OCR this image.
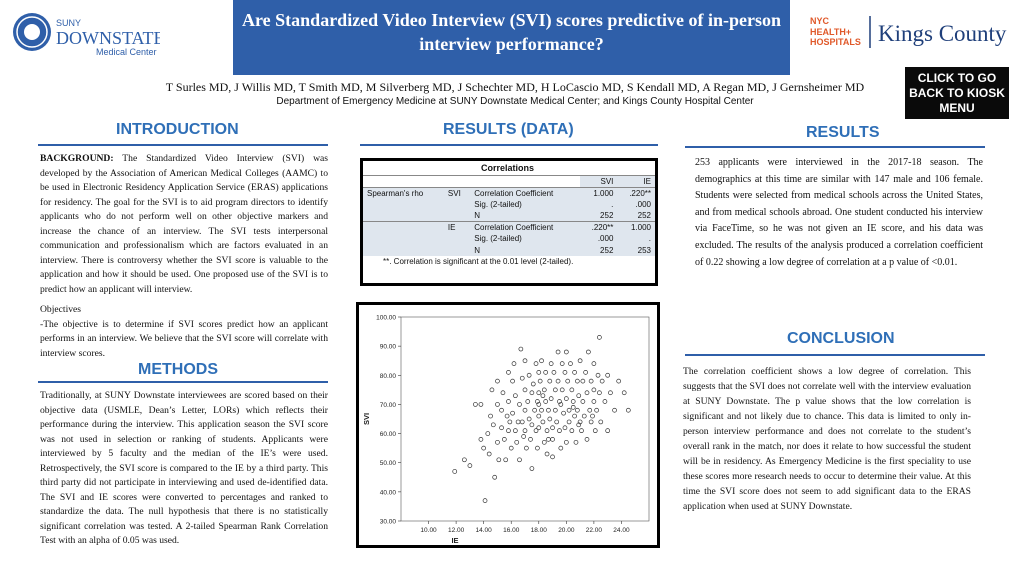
SUNY
DOWNSTATE
Medical Center
Are Standardized Video Interview (SVI) scores predictive of in-person interview performance?
NYC
HEALTH+
HOSPITALS Kings County
CLICK TO GO BACK TO KIOSK MENU
T Surles MD, J Willis MD, T Smith MD, M Silverberg MD, J Schechter MD, H LoCascio MD, S Kendall MD, A Regan MD, J Gernsheimer MD
Department of Emergency Medicine at SUNY Downstate Medical Center; and Kings County Hospital Center
INTRODUCTION

BACKGROUND: The Standardized Video Interview (SVI) was developed by the Association of American Medical Colleges (AAMC) to be used in Electronic Residency Application Service (ERAS) applications for residency. The goal for the SVI is to aid program directors to identify applicants who do not perform well on other objective markers and increase the chance of an interview. The SVI tests interpersonal communication and professionalism which are factors evaluated in an interview. There is controversy whether the SVI score is valuable to the application and how it should be used. One proposed use of the SVI is to predict how an applicant will interview.

Objectives

-The objective is to determine if SVI scores predict how an applicant performs in an interview. We believe that the SVI score will correlate with interview scores.

METHODS
Traditionally, at SUNY Downstate interviewees are scored based on their objective data (USMLE, Dean’s Letter, LORs) which reflects their performance during the interview. This application season the SVI score was not used in selection or ranking of students. Applicants were interviewed by 5 faculty and the median of the IE’s were used. Retrospectively, the SVI score is compared to the IE by a third party. This third party did not participate in interviewing and used de-identified data. The SVI and IE scores were converted to percentages and ranked to standardize the data. The null hypothesis that there is no statistically significant correlation was tested. A 2-tailed Spearman Rank Correlation Test with an alpha of 0.05 was used.
RESULTS (DATA)
Correlations
			SVI	IE
Spearman's rho	SVI	Correlation Coefficient	1.000	.220**
		Sig. (2-tailed)	.	.000
		N	252	252
	IE	Correlation Coefficient	.220**	1.000
		Sig. (2-tailed)	.000	.
		N	252	253
**. Correlation is significant at the 0.01 level (2-tailed).
30.00
40.00
50.00
60.00
70.00
80.00
90.00
100.00
10.00 12.00 14.00 16.00 18.00 20.00 22.00 24.00
IE
SVI
RESULTS
253 applicants were interviewed in the 2017-18 season. The demographics at this time are similar with 147 male and 106 female. Students were selected from medical schools across the United States, and from medical schools abroad. One student conducted his interview via FaceTime, so he was not given an IE score, and his data was excluded. The results of the analysis produced a correlation coefficient of 0.22 showing a low degree of correlation at a p value of <0.01.
CONCLUSION
The correlation coefficient shows a low degree of correlation. This suggests that the SVI does not correlate well with the interview evaluation at SUNY Downstate. The p value shows that the low correlation is significant and not likely due to chance. This data is limited to only in-person interview performance and does not correlate to the student’s overall rank in the match, nor does it relate to how successful the student will be in residency. As Emergency Medicine is the first speciality to use these scores more research needs to occur to determine their value. At this time the SVI score does not seem to add significant data to the ERAS application when used at SUNY Downstate.
